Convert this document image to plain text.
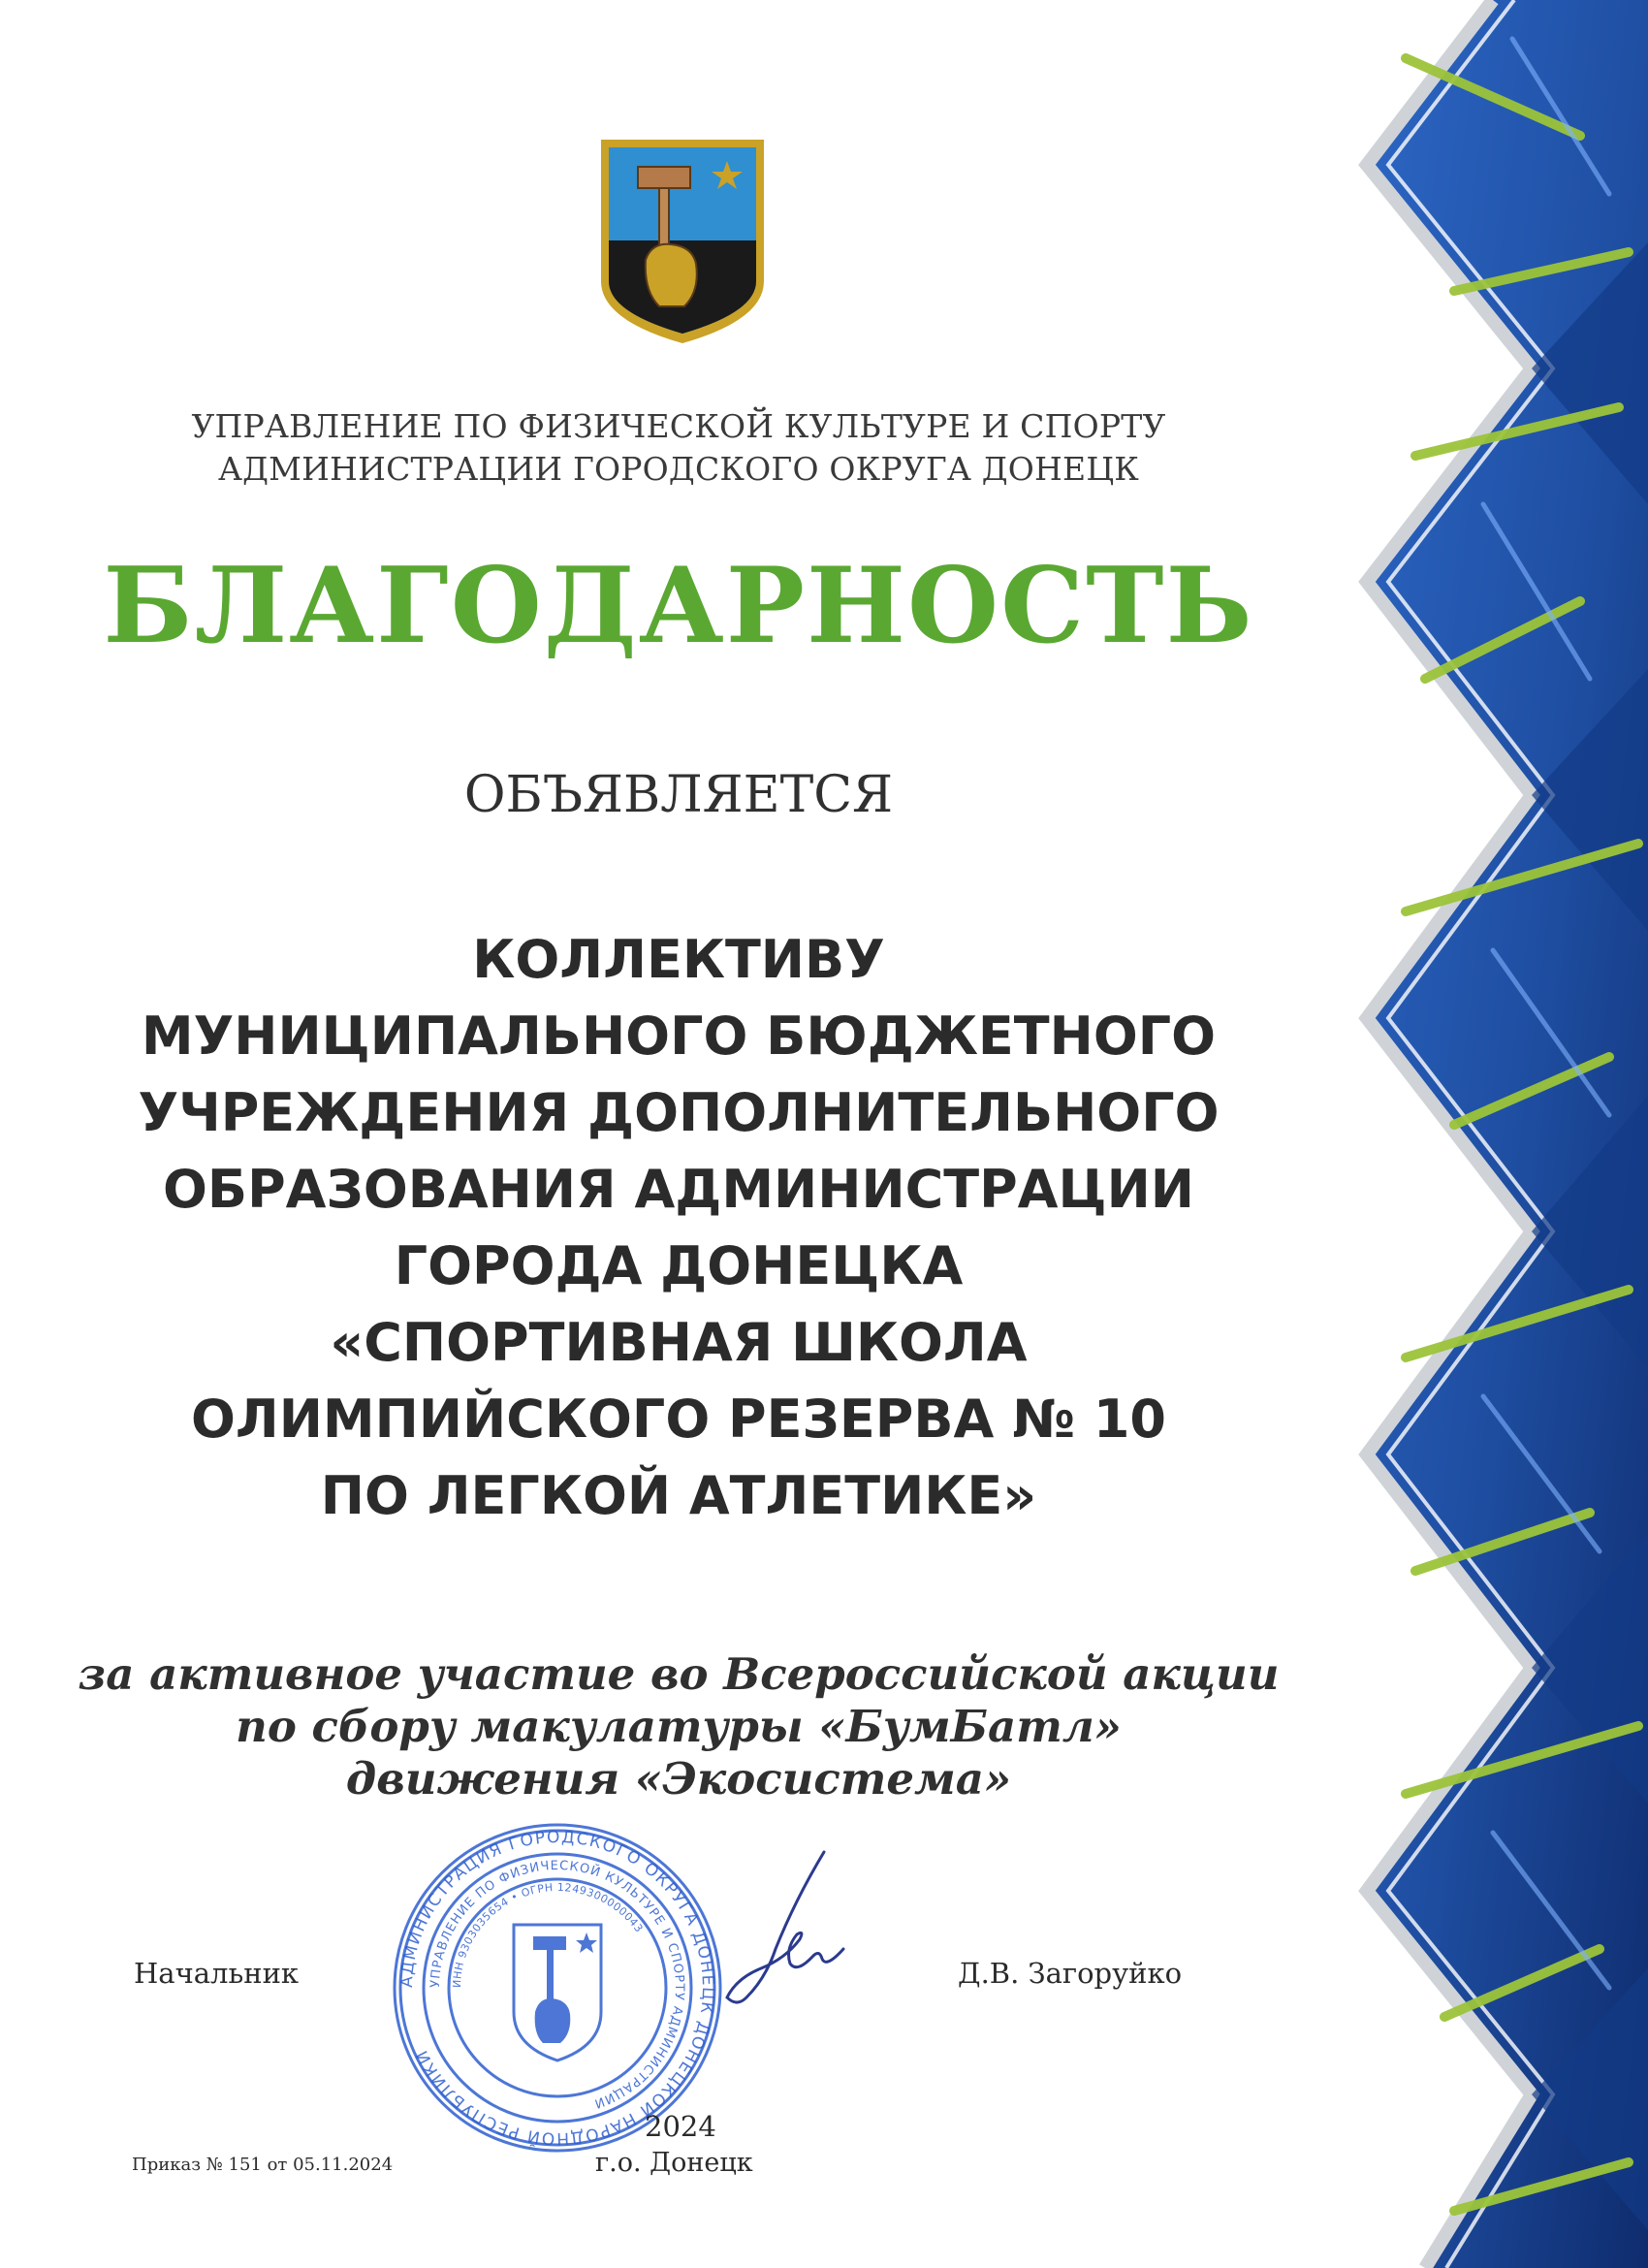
УПРАВЛЕНИЕ ПО ФИЗИЧЕСКОЙ КУЛЬТУРЕ И СПОРТУ
АДМИНИСТРАЦИИ ГОРОДСКОГО ОКРУГА ДОНЕЦК
БЛАГОДАРНОСТЬ
ОБЪЯВЛЯЕТСЯ
КОЛЛЕКТИВУ
МУНИЦИПАЛЬНОГО БЮДЖЕТНОГО
УЧРЕЖДЕНИЯ ДОПОЛНИТЕЛЬНОГО
ОБРАЗОВАНИЯ АДМИНИСТРАЦИИ
ГОРОДА ДОНЕЦКА
«СПОРТИВНАЯ ШКОЛА
ОЛИМПИЙСКОГО РЕЗЕРВА № 10
ПО ЛЕГКОЙ АТЛЕТИКЕ»
за активное участие во Всероссийской акции
по сбору макулатуры «БумБатл»
движения «Экосистема»
АДМИНИСТРАЦИЯ ГОРОДСКОГО ОКРУГА ДОНЕЦК ДОНЕЦКОЙ НАРОДНОЙ РЕСПУБЛИКИ
УПРАВЛЕНИЕ ПО ФИЗИЧЕСКОЙ КУЛЬТУРЕ И СПОРТУ АДМИНИСТРАЦИИ
ИНН 9303035654 • ОГРН 1249300000043
Начальник	Д.В. Загоруйко
2024
г.о. Донецк
Приказ № 151 от 05.11.2024
